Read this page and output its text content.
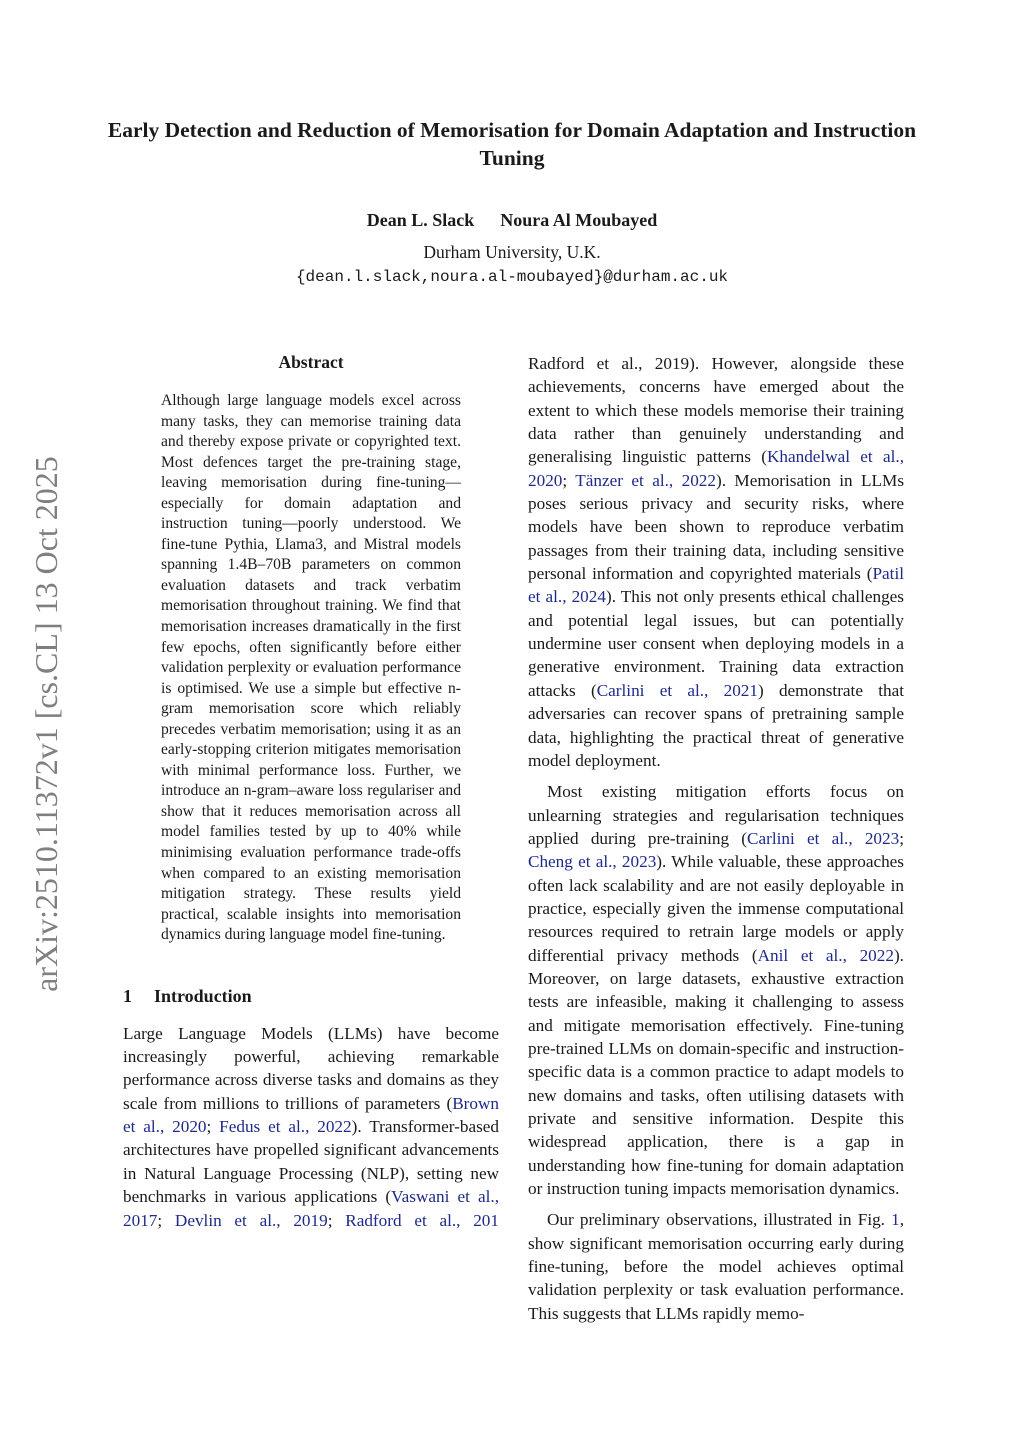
Early Detection and Reduction of Memorisation for Domain Adaptation and Instruction Tuning
Dean L. Slack Noura Al Moubayed
Durham University, U.K.
{dean.l.slack,noura.al-moubayed}@durham.ac.uk
arXiv:2510.11372v1 [cs.CL] 13 Oct 2025
Abstract
Although large language models excel across many tasks, they can memorise training data and thereby expose private or copyrighted text. Most defences target the pre-training stage, leaving memorisation during fine-tuning—especially for domain adaptation and instruction tuning—poorly understood. We fine-tune Pythia, Llama3, and Mistral models spanning 1.4B–70B parameters on common evaluation datasets and track verbatim memorisation throughout training. We find that memorisation increases dramatically in the first few epochs, often significantly before either validation perplexity or evaluation performance is optimised. We use a simple but effective n-gram memorisation score which reliably precedes verbatim memorisation; using it as an early-stopping criterion mitigates memorisation with minimal performance loss. Further, we introduce an n-gram–aware loss regulariser and show that it reduces memorisation across all model families tested by up to 40% while minimising evaluation performance trade-offs when compared to an existing memorisation mitigation strategy. These results yield practical, scalable insights into memorisation dynamics during language model fine-tuning.
1 Introduction

Large Language Models (LLMs) have become increasingly powerful, achieving remarkable performance across diverse tasks and domains as they scale from millions to trillions of parameters (Brown et al., 2020; Fedus et al., 2022). Transformer-based architectures have propelled significant advancements in Natural Language Processing (NLP), setting new benchmarks in various applications (Vaswani et al., 2017; Devlin et al., 2019; Radford et al., 201

Radford et al., 2019). However, alongside these achievements, concerns have emerged about the extent to which these models memorise their training data rather than genuinely understanding and generalising linguistic patterns (Khandelwal et al., 2020; Tänzer et al., 2022). Memorisation in LLMs poses serious privacy and security risks, where models have been shown to reproduce verbatim passages from their training data, including sensitive personal information and copyrighted materials (Patil et al., 2024). This not only presents ethical challenges and potential legal issues, but can potentially undermine user consent when deploying models in a generative environment. Training data extraction attacks (Carlini et al., 2021) demonstrate that adversaries can recover spans of pretraining sample data, highlighting the practical threat of generative model deployment.

Most existing mitigation efforts focus on unlearning strategies and regularisation techniques applied during pre-training (Carlini et al., 2023; Cheng et al., 2023). While valuable, these approaches often lack scalability and are not easily deployable in practice, especially given the immense computational resources required to retrain large models or apply differential privacy methods (Anil et al., 2022). Moreover, on large datasets, exhaustive extraction tests are infeasible, making it challenging to assess and mitigate memorisation effectively. Fine-tuning pre-trained LLMs on domain-specific and instruction-specific data is a common practice to adapt models to new domains and tasks, often utilising datasets with private and sensitive information. Despite this widespread application, there is a gap in understanding how fine-tuning for domain adaptation or instruction tuning impacts memorisation dynamics.

Our preliminary observations, illustrated in Fig. 1, show significant memorisation occurring early during fine-tuning, before the model achieves optimal validation perplexity or task evaluation performance. This suggests that LLMs rapidly memo-
